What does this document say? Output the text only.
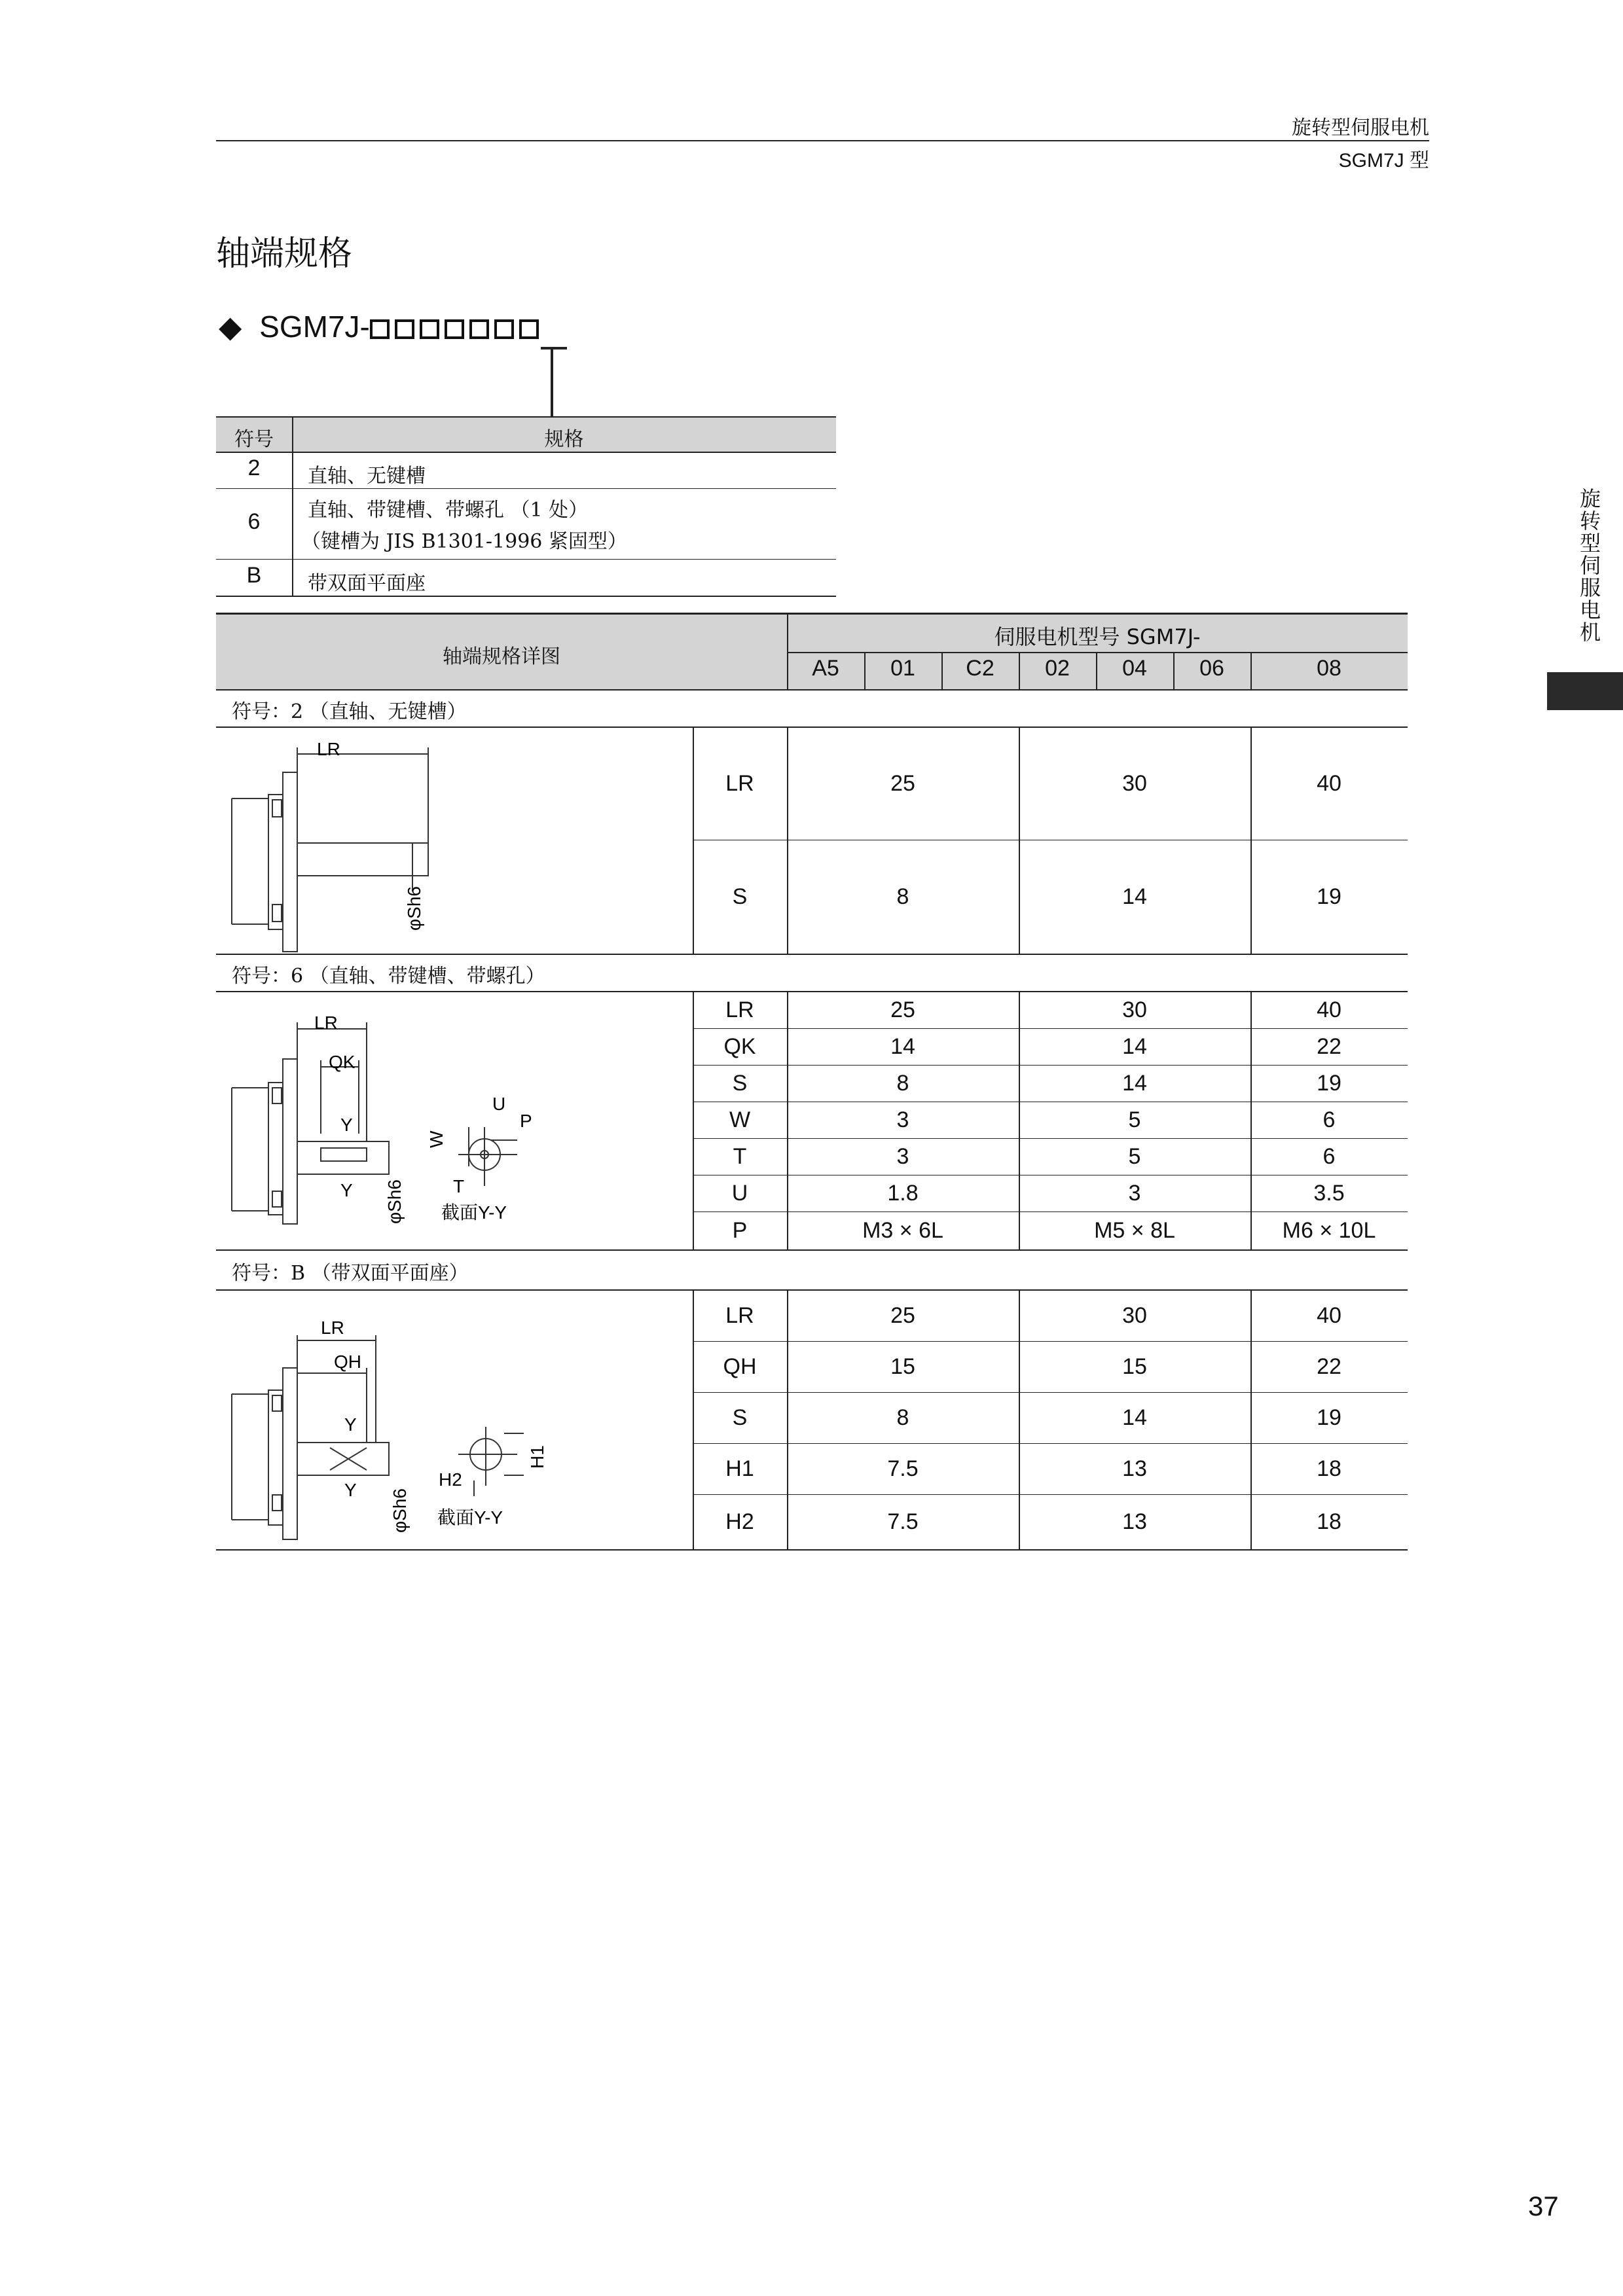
旋转型伺服电机
SGM7J 型
旋转型伺服电机
轴端规格
◆ SGM7J-
符号	规格
2	直轴、无键槽
6	直轴、带键槽、带螺孔 （1 处）
（键槽为 JIS B1301-1996 紧固型）
B	带双面平面座
轴端规格详图
伺服电机型号 SGM7J-
A5	01	C2	02	04	06	08
符号：2 （直轴、无键槽）
LR	25	30	40
S	8	14	19
符号：6 （直轴、带键槽、带螺孔）
LR	25	30	40
QK	14	14	22
S	8	14	19
W	3	5	6
T	3	5	6
U	1.8	3	3.5
P	M3 × 6L	M5 × 8L	M6 × 10L
符号：B （带双面平面座）
LR	25	30	40
QH	15	15	22
S	8	14	19
H1	7.5	13	18
H2	7.5	13	18
LR
φSh6
LR
QK
Y
Y φSh6
W
U
P
T
截面Y-Y
LR
QH
Y
Y φSh6
H1
H2
截面Y-Y
37
